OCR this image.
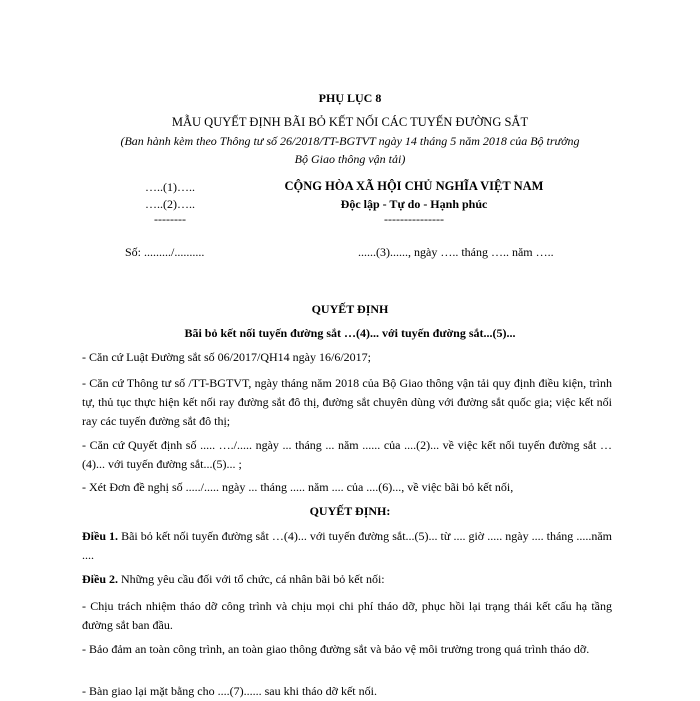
PHỤ LỤC 8
MẪU QUYẾT ĐỊNH BÃI BỎ KẾT NỐI CÁC TUYẾN ĐƯỜNG SẮT
(Ban hành kèm theo Thông tư số 26/2018/TT-BGTVT ngày 14 tháng 5 năm 2018 của Bộ trưởng
Bộ Giao thông vận tải)
…..(1)…..
…..(2)…..
--------
CỘNG HÒA XÃ HỘI CHỦ NGHĨA VIỆT NAM
Độc lập - Tự do - Hạnh phúc
---------------
Số: ........./..........	......(3)......, ngày ….. tháng ….. năm …..
QUYẾT ĐỊNH
Bãi bỏ kết nối tuyến đường sắt …(4)... với tuyến đường sắt...(5)...
- Căn cứ Luật Đường sắt số 06/2017/QH14 ngày 16/6/2017;
- Căn cứ Thông tư số /TT-BGTVT, ngày tháng năm 2018 của Bộ Giao thông vận tải quy định điều kiện, trình tự, thủ tục thực hiện kết nối ray đường sắt đô thị, đường sắt chuyên dùng với đường sắt quốc gia; việc kết nối ray các tuyến đường sắt đô thị;
- Căn cứ Quyết định số ..... …./..... ngày ... tháng ... năm ...... của ....(2)... về việc kết nối tuyến đường sắt …(4)... với tuyến đường sắt...(5)... ;
- Xét Đơn đề nghị số ...../..... ngày ... tháng ..... năm .... của ....(6)..., về việc bãi bỏ kết nối,
QUYẾT ĐỊNH:
Điều 1. Bãi bỏ kết nối tuyến đường sắt …(4)... với tuyến đường sắt...(5)... từ .... giờ ..... ngày .... tháng .....năm ....
Điều 2. Những yêu cầu đối với tổ chức, cá nhân bãi bỏ kết nối:
- Chịu trách nhiệm tháo dỡ công trình và chịu mọi chi phí tháo dỡ, phục hồi lại trạng thái kết cấu hạ tầng đường sắt ban đầu.
- Bảo đảm an toàn công trình, an toàn giao thông đường sắt và bảo vệ môi trường trong quá trình tháo dỡ.
- Bàn giao lại mặt bằng cho ....(7)...... sau khi tháo dỡ kết nối.
